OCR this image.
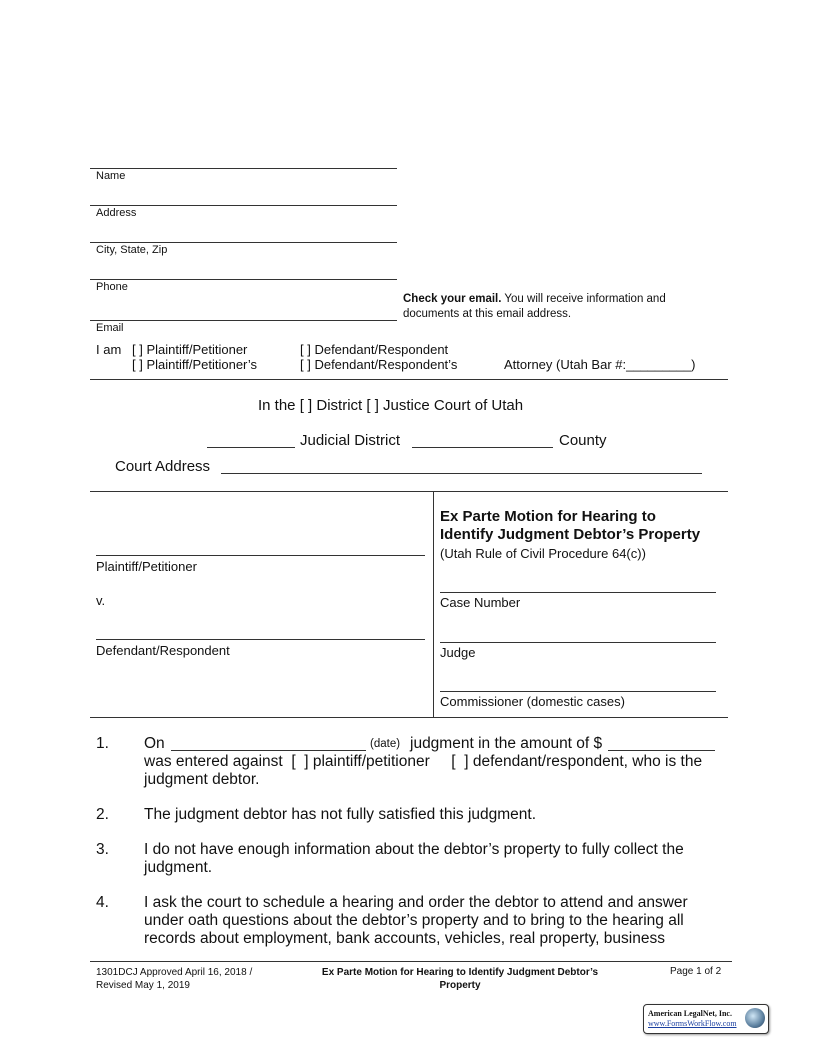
Name
Address
City, State, Zip
Phone
Check your email. You will receive information and
documents at this email address.
Email
I am [ ] Plaintiff/Petitioner	[ ] Defendant/Respondent
[ ] Plaintiff/Petitioner’s	[ ] Defendant/Respondent’s	Attorney (Utah Bar #:_________)
In the [ ] District [ ] Justice Court of Utah
Judicial District	County
Court Address
Plaintiff/Petitioner
v.
Defendant/Respondent
Ex Parte Motion for Hearing to
Identify Judgment Debtor’s Property
(Utah Rule of Civil Procedure 64(c))
Case Number
Judge
Commissioner (domestic cases)
1. On	(date) judgment in the amount of $
was entered against  [  ] plaintiff/petitioner     [  ] defendant/respondent, who is the
judgment debtor.
2. The judgment debtor has not fully satisfied this judgment.
3. I do not have enough information about the debtor’s property to fully collect the
judgment.
4. I ask the court to schedule a hearing and order the debtor to attend and answer
under oath questions about the debtor’s property and to bring to the hearing all
records about employment, bank accounts, vehicles, real property, business
1301DCJ Approved April 16, 2018 /
Revised May 1, 2019
Ex Parte Motion for Hearing to Identify Judgment Debtor’s
Property
Page 1 of 2
American LegalNet, Inc.
www.FormsWorkFlow.com
